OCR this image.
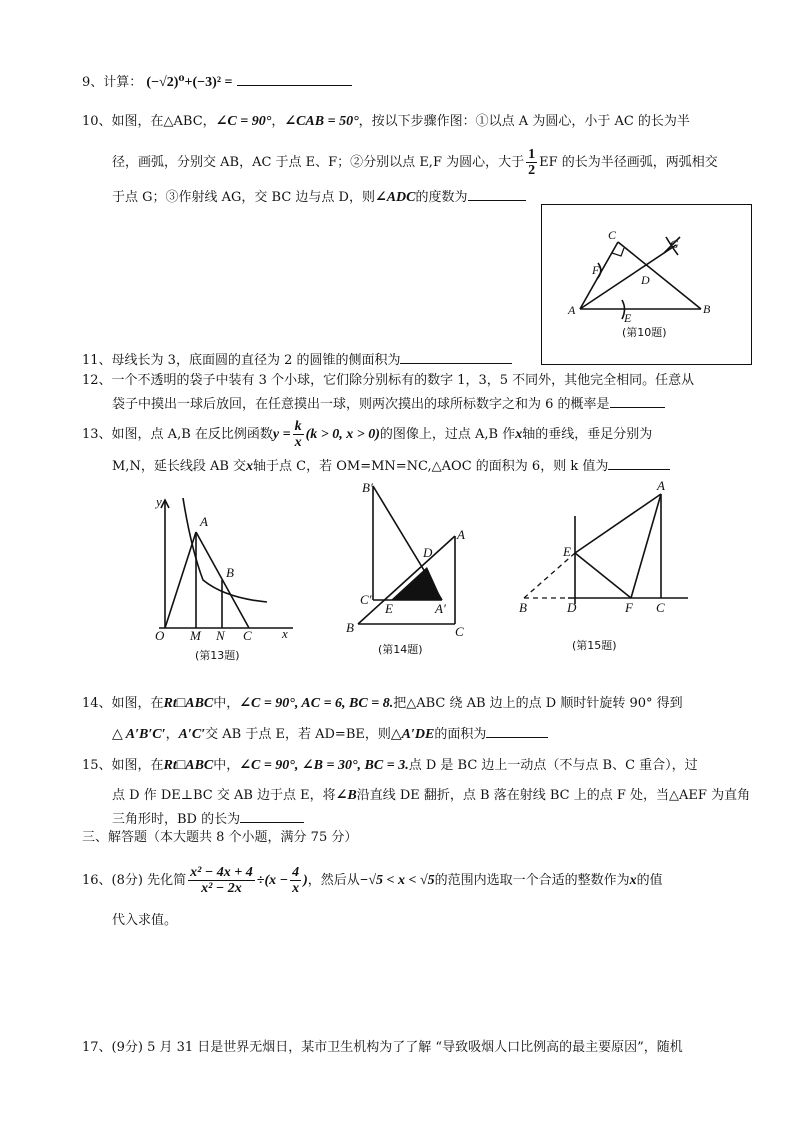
9、计算： (−√2)⁰+(−3)² =
10、如图，在△ABC，∠C = 90°，∠CAB = 50°，按以下步骤作图：①以点 A 为圆心，小于 AC 的长为半
径，画弧，分别交 AB，AC 于点 E、F；②分别以点 E,F 为圆心，大于 $\frac{1}{2}$ EF 的长为半径画弧，两弧相交
于点 G；③作射线 AG，交 BC 边与点 D，则∠ADC的度数为
C
G
F
D
A
E
B
(第10题)
11、母线长为 3，底面圆的直径为 2 的圆锥的侧面积为
12、一个不透明的袋子中装有 3 个小球，它们除分别标有的数字 1，3，5 不同外，其他完全相同。任意从
袋子中摸出一球后放回，在任意摸出一球，则两次摸出的球所标数字之和为 6 的概率是
13、如图，点 A,B 在反比例函数$y = \frac{k}{x} (k > 0$, x > 0)的图像上，过点 A,B 作x轴的垂线，垂足分别为
M,N，延长线段 AB 交x轴于点 C，若 OM=MN=NC,△AOC 的面积为 6，则 k 值为
y
A
B
O M N C x
(第13题)
B′
D
A
C′
E	A′
B	C
(第14题)
A
E
B	D	F C
(第15题)
14、如图，在Rt□ABC中，∠C = 90°, AC = 6, BC = 8.把△ABC 绕 AB 边上的点 D 顺时针旋转 90° 得到
△ A′B′C′，A′C′交 AB 于点 E，若 AD=BE，则△A′DE的面积为
15、如图，在Rt□ABC中，∠C = 90°, ∠B = 30°, BC = 3.点 D 是 BC 边上一动点（不与点 B、C 重合），过
点 D 作 DE⊥BC 交 AB 边于点 E，将∠B沿直线 DE 翻折，点 B 落在射线 BC 上的点 F 处，当△AEF 为直角
三角形时，BD 的长为
三、解答题（本大题共 8 个小题，满分 75 分）
16、(8分) 先化简 $\frac{\text{x² − 4x + 4}}{\text{x² − 2x}} \div(x - \frac{4}{x}$ )，然后从−√5 < x < √5的范围内选取一个合适的整数作为x的值
代入求值。
17、(9分) 5 月 31 日是世界无烟日，某市卫生机构为了了解 “导致吸烟人口比例高的最主要原因”，随机
